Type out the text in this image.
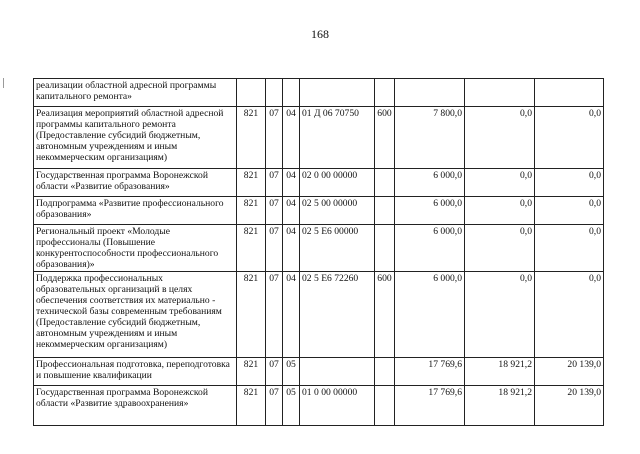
168
реализации областной адресной программы капитального ремонта»								
Реализация мероприятий областной адресной программы капитального ремонта (Предоставление субсидий бюджетным, автономным учреждениям и иным некоммерческим организациям)	821	07	04	01 Д 06 70750	600	7 800,0	0,0	0,0
Государственная программа Воронежской области «Развитие образования»	821	07	04	02 0 00 00000		6 000,0	0,0	0,0
Подпрограмма «Развитие профессионального образования»	821	07	04	02 5 00 00000		6 000,0	0,0	0,0
Региональный проект «Молодые профессионалы (Повышение конкурентоспособности профессионального образования)»	821	07	04	02 5 Е6 00000		6 000,0	0,0	0,0
Поддержка профессиональных образовательных организаций в целях обеспечения соответствия их материально - технической базы современным требованиям (Предоставление субсидий бюджетным, автономным учреждениям и иным некоммерческим организациям)	821	07	04	02 5 Е6 72260	600	6 000,0	0,0	0,0
Профессиональная подготовка, переподготовка и повышение квалификации	821	07	05			17 769,6	18 921,2	20 139,0
Государственная программа Воронежской области «Развитие здравоохранения»	821	07	05	01 0 00 00000		17 769,6	18 921,2	20 139,0
